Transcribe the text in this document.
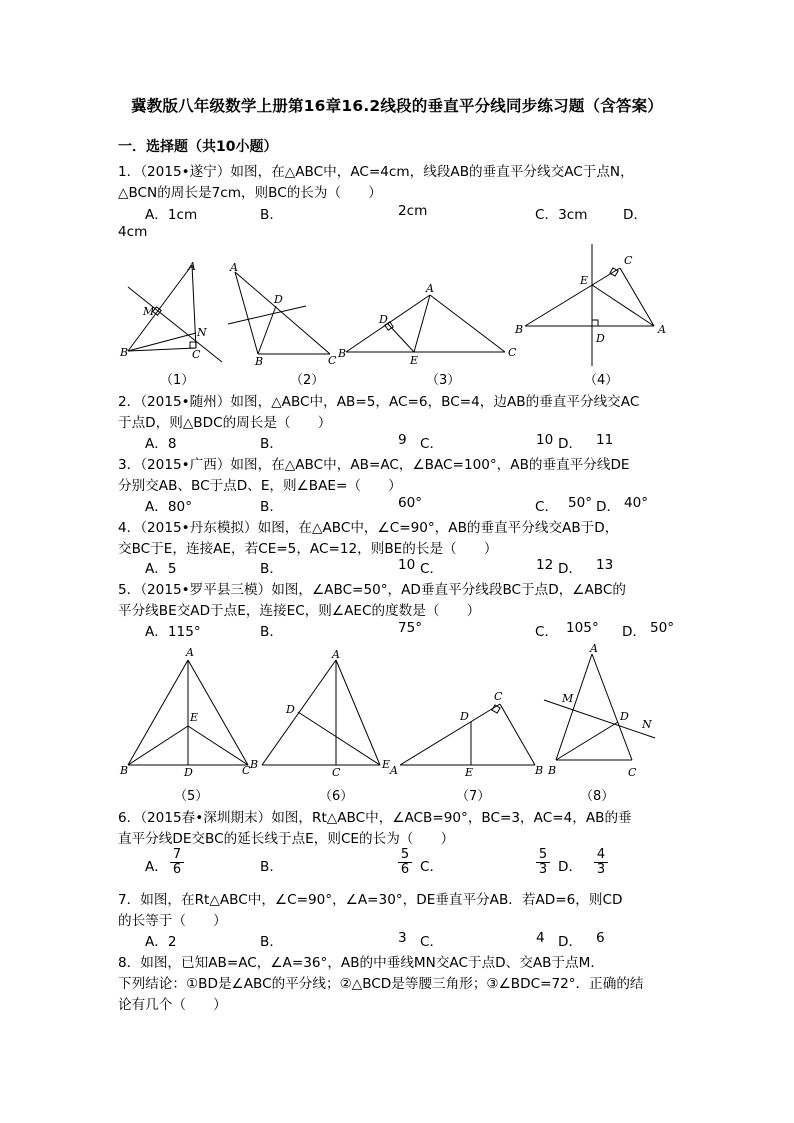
冀教版八年级数学上册第16章16.2线段的垂直平分线同步练习题（含答案）
一．选择题（共10小题）
1．（2015•遂宁）如图，在△ABC中，AC=4cm，线段AB的垂直平分线交AC于点N，
△BCN的周长是7cm，则BC的长为（　　）
A．1cm	B．	2cm	C．3cm	D．
4cm
A
M
N
B	C
A
D
B	C
A
D
B
E
C
C
E
B	A
D
（1）	（2）	（3）	（4）
2．（2015•随州）如图，△ABC中，AB=5，AC=6，BC=4，边AB的垂直平分线交AC
于点D，则△BDC的周长是（　　）
A．8	B．	9 C．	10 D． 11
3．（2015•广西）如图，在△ABC中，AB=AC，∠BAC=100°，AB的垂直平分线DE
分别交AB、BC于点D、E，则∠BAE=（　　）
A．80°	B．	60°	C． 50° D． 40°
4．（2015•丹东模拟）如图，在△ABC中，∠C=90°，AB的垂直平分线交AB于D，
交BC于E，连接AE，若CE=5，AC=12，则BE的长是（　　）
A．5	B．	10 C．	12 D． 13
5．（2015•罗平县三模）如图，∠ABC=50°，AD垂直平分线段BC于点D，∠ABC的
平分线BE交AD于点E，连接EC，则∠AEC的度数是（　　）
A．115°	B．	75°	C． 105° D． 50°
A
E
B	D	C
A
D
B
C
E
C
D
A	E	B
A
M
D
N
B	C
（5）	（6）	（7）	（8）
6．（2015春•深圳期末）如图，Rt△ABC中，∠ACB=90°，BC=3，AC=4，AB的垂
直平分线DE交BC的延长线于点E，则CE的长为（　　）
A． $\frac{7}{6}$	B．	$\frac{5}{6}$ C．	$\frac{5}{3}$ D． $\frac{4}{3}$
7．如图，在Rt△ABC中，∠C=90°，∠A=30°，DE垂直平分AB．若AD=6，则CD
的长等于（　　）
A．2	B．	3 C．	4 D． 6
8．如图，已知AB=AC，∠A=36°，AB的中垂线MN交AC于点D、交AB于点M．
下列结论：①BD是∠ABC的平分线；②△BCD是等腰三角形；③∠BDC=72°．正确的结
论有几个（　　）
